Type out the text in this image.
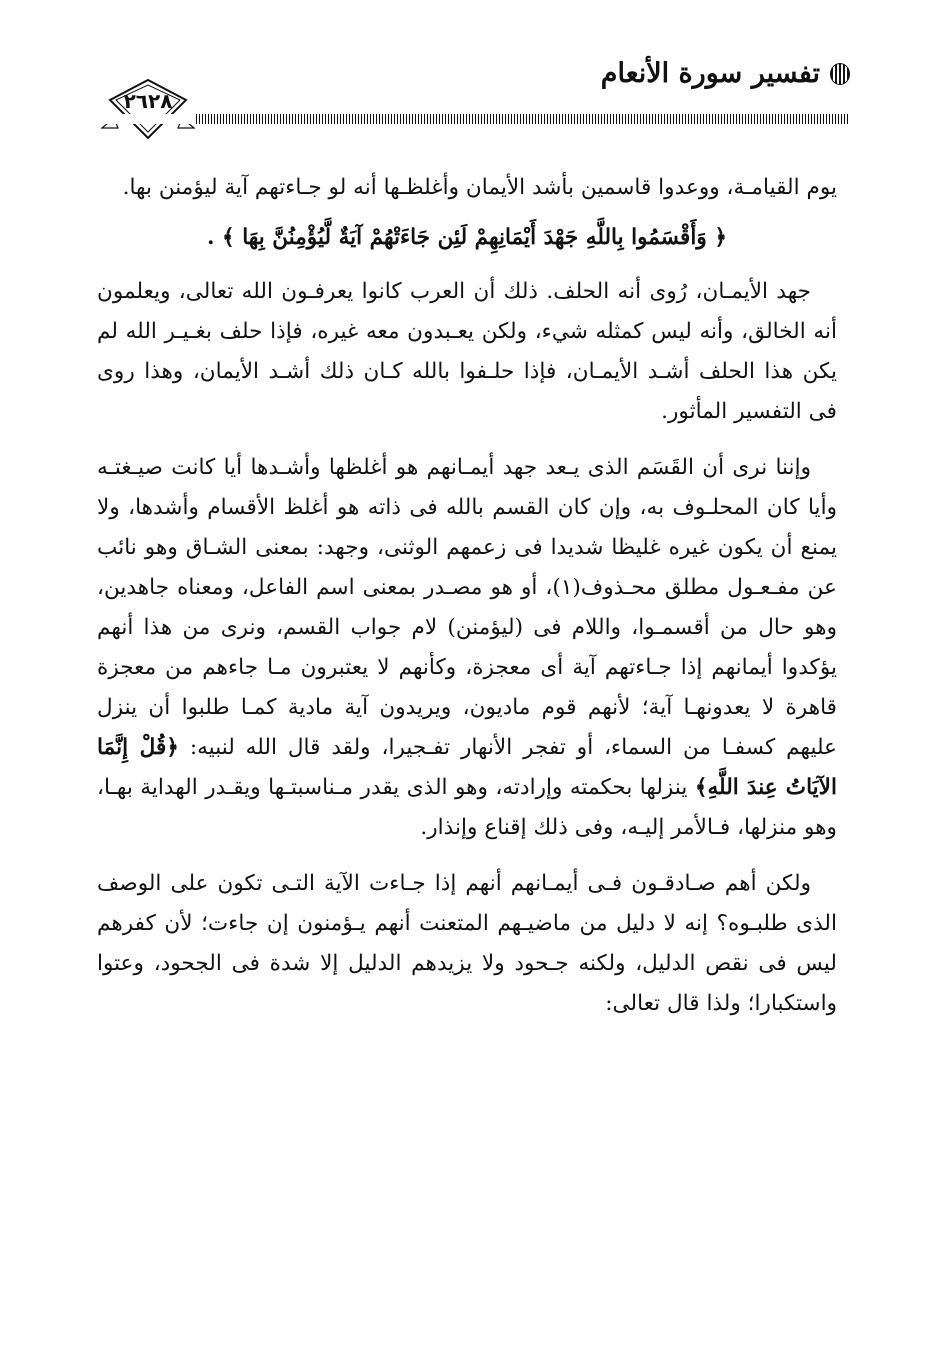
تفسير سورة الأنعام
٢٦٢٨

يوم القيامـة، ووعدوا قاسمين بأشد الأيمان وأغلظـها أنه لو جـاءتهم آية ليؤمنن بها.

﴿ وَأَقْسَمُوا بِاللَّهِ جَهْدَ أَيْمَانِهِمْ لَئِن جَاءَتْهُمْ آيَةٌ لَّيُؤْمِنُنَّ بِهَا ﴾ .

جهد الأيمـان، رُوى أنه الحلف. ذلك أن العرب كانوا يعرفـون الله تعالى، ويعلمون أنه الخالق، وأنه ليس كمثله شيء، ولكن يعـبدون معه غيره، فإذا حلف بغـيـر الله لم يكن هذا الحلف أشـد الأيمـان، فإذا حلـفوا بالله كـان ذلك أشـد الأيمان، وهذا روى فى التفسير المأثور.

وإننا نرى أن القَسَم الذى يـعد جهد أيمـانهم هو أغلظها وأشـدها أيا كانت صيـغتـه وأيا كان المحلـوف به، وإن كان القسم بالله فى ذاته هو أغلظ الأقسام وأشدها، ولا يمنع أن يكون غيره غليظا شديدا فى زعمهم الوثنى، وجهد: بمعنى الشـاق وهو نائب عن مفـعـول مطلق محـذوف(١)، أو هو مصـدر بمعنى اسم الفاعل، ومعناه جاهدين، وهو حال من أقسمـوا، واللام فى (ليؤمنن) لام جواب القسم، ونرى من هذا أنهم يؤكدوا أيمانهم إذا جـاءتهم آية أى معجزة، وكأنهم لا يعتبرون مـا جاءهم من معجزة قاهرة لا يعدونهـا آية؛ لأنهم قوم ماديون، ويريدون آية مادية كمـا طلبوا أن ينزل عليهم كسفـا من السماء، أو تفجر الأنهار تفـجيرا، ولقد قال الله لنبيه: ﴿قُلْ إِنَّمَا الآيَاتُ عِندَ اللَّهِ﴾ ينزلها بحكمته وإرادته، وهو الذى يقدر مـناسبتـها ويقـدر الهداية بهـا، وهو منزلها، فـالأمر إليـه، وفى ذلك إقناع وإنذار.

ولكن أهم صـادقـون فـى أيمـانهم أنهم إذا جـاءت الآية التـى تكون على الوصف الذى طلبـوه؟ إنه لا دليل من ماضيـهم المتعنت أنهم يـؤمنون إن جاءت؛ لأن كفرهم ليس فى نقص الدليل، ولكنه جـحود ولا يزيدهم الدليل إلا شدة فى الجحود، وعتوا واستكبارا؛ ولذا قال تعالى:
